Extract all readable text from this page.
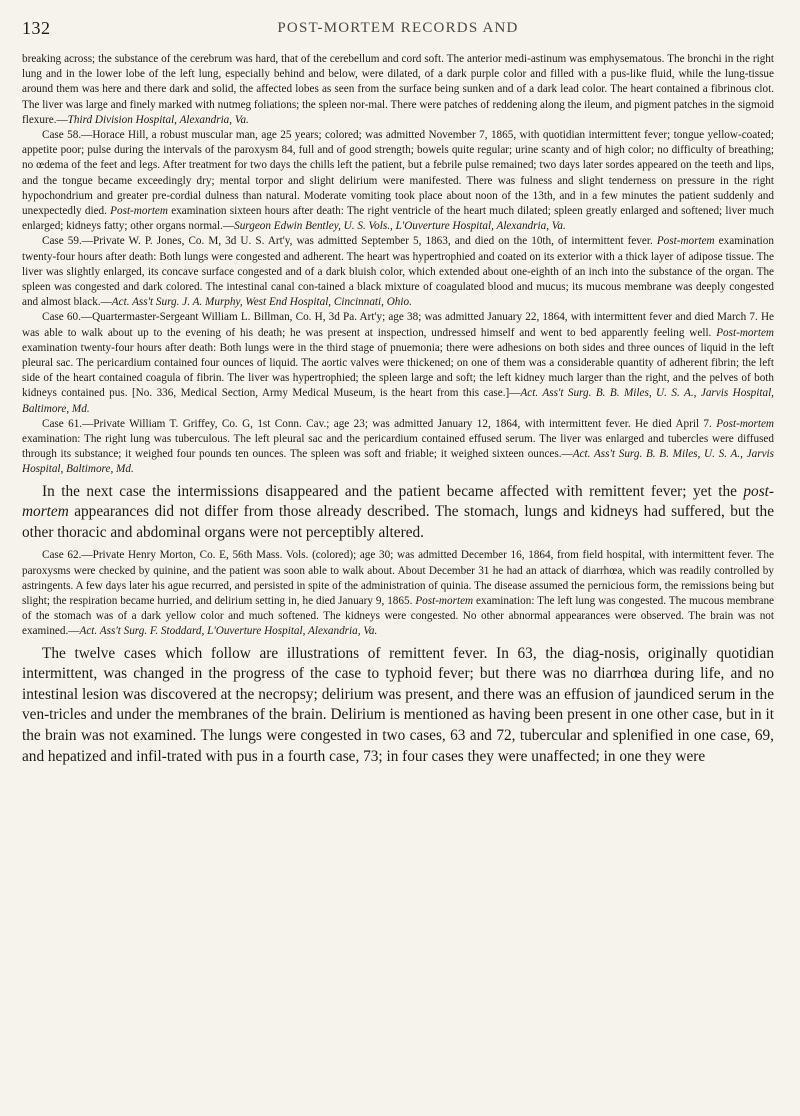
132	POST-MORTEM RECORDS AND

breaking across; the substance of the cerebrum was hard, that of the cerebellum and cord soft. The anterior medi-astinum was emphysematous. The bronchi in the right lung and in the lower lobe of the left lung, especially behind and below, were dilated, of a dark purple color and filled with a pus-like fluid, while the lung-tissue around them was here and there dark and solid, the affected lobes as seen from the surface being sunken and of a dark lead color. The heart contained a fibrinous clot. The liver was large and finely marked with nutmeg foliations; the spleen nor-mal. There were patches of reddening along the ileum, and pigment patches in the sigmoid flexure.—Third Division Hospital, Alexandria, Va.

Case 58.—Horace Hill, a robust muscular man, age 25 years; colored; was admitted November 7, 1865, with quotidian intermittent fever; tongue yellow-coated; appetite poor; pulse during the intervals of the paroxysm 84, full and of good strength; bowels quite regular; urine scanty and of high color; no difficulty of breathing; no œdema of the feet and legs. After treatment for two days the chills left the patient, but a febrile pulse remained; two days later sordes appeared on the teeth and lips, and the tongue became exceedingly dry; mental torpor and slight delirium were manifested. There was fulness and slight tenderness on pressure in the right hypochondrium and greater pre-cordial dulness than natural. Moderate vomiting took place about noon of the 13th, and in a few minutes the patient suddenly and unexpectedly died. Post-mortem examination sixteen hours after death: The right ventricle of the heart much dilated; spleen greatly enlarged and softened; liver much enlarged; kidneys fatty; other organs normal.—Surgeon Edwin Bentley, U. S. Vols., L'Ouverture Hospital, Alexandria, Va.

Case 59.—Private W. P. Jones, Co. M, 3d U. S. Art'y, was admitted September 5, 1863, and died on the 10th, of intermittent fever. Post-mortem examination twenty-four hours after death: Both lungs were congested and adherent. The heart was hypertrophied and coated on its exterior with a thick layer of adipose tissue. The liver was slightly enlarged, its concave surface congested and of a dark bluish color, which extended about one-eighth of an inch into the substance of the organ. The spleen was congested and dark colored. The intestinal canal con-tained a black mixture of coagulated blood and mucus; its mucous membrane was deeply congested and almost black.—Act. Ass't Surg. J. A. Murphy, West End Hospital, Cincinnati, Ohio.

Case 60.—Quartermaster-Sergeant William L. Billman, Co. H, 3d Pa. Art'y; age 38; was admitted January 22, 1864, with intermittent fever and died March 7. He was able to walk about up to the evening of his death; he was present at inspection, undressed himself and went to bed apparently feeling well. Post-mortem examination twenty-four hours after death: Both lungs were in the third stage of pnuemonia; there were adhesions on both sides and three ounces of liquid in the left pleural sac. The pericardium contained four ounces of liquid. The aortic valves were thickened; on one of them was a considerable quantity of adherent fibrin; the left side of the heart contained coagula of fibrin. The liver was hypertrophied; the spleen large and soft; the left kidney much larger than the right, and the pelves of both kidneys contained pus. [No. 336, Medical Section, Army Medical Museum, is the heart from this case.]—Act. Ass't Surg. B. B. Miles, U. S. A., Jarvis Hospital, Baltimore, Md.

Case 61.—Private William T. Griffey, Co. G, 1st Conn. Cav.; age 23; was admitted January 12, 1864, with intermittent fever. He died April 7. Post-mortem examination: The right lung was tuberculous. The left pleural sac and the pericardium contained effused serum. The liver was enlarged and tubercles were diffused through its substance; it weighed four pounds ten ounces. The spleen was soft and friable; it weighed sixteen ounces.—Act. Ass't Surg. B. B. Miles, U. S. A., Jarvis Hospital, Baltimore, Md.

In the next case the intermissions disappeared and the patient became affected with remittent fever; yet the post-mortem appearances did not differ from those already described. The stomach, lungs and kidneys had suffered, but the other thoracic and abdominal organs were not perceptibly altered.

Case 62.—Private Henry Morton, Co. E, 56th Mass. Vols. (colored); age 30; was admitted December 16, 1864, from field hospital, with intermittent fever. The paroxysms were checked by quinine, and the patient was soon able to walk about. About December 31 he had an attack of diarrhœa, which was readily controlled by astringents. A few days later his ague recurred, and persisted in spite of the administration of quinia. The disease assumed the pernicious form, the remissions being but slight; the respiration became hurried, and delirium setting in, he died January 9, 1865. Post-mortem examination: The left lung was congested. The mucous membrane of the stomach was of a dark yellow color and much softened. The kidneys were congested. No other abnormal appearances were observed. The brain was not examined.—Act. Ass't Surg. F. Stoddard, L'Ouverture Hospital, Alexandria, Va.

The twelve cases which follow are illustrations of remittent fever. In 63, the diag-nosis, originally quotidian intermittent, was changed in the progress of the case to typhoid fever; but there was no diarrhœa during life, and no intestinal lesion was discovered at the necropsy; delirium was present, and there was an effusion of jaundiced serum in the ven-tricles and under the membranes of the brain. Delirium is mentioned as having been present in one other case, but in it the brain was not examined. The lungs were congested in two cases, 63 and 72, tubercular and splenified in one case, 69, and hepatized and infil-trated with pus in a fourth case, 73; in four cases they were unaffected; in one they were
